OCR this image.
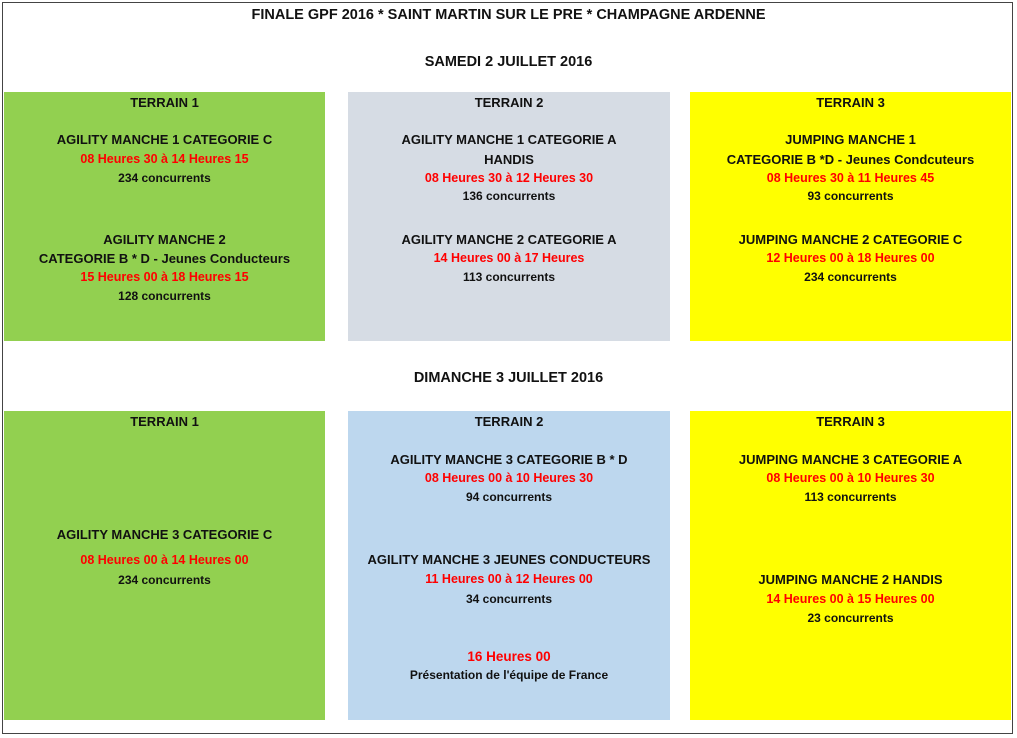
FINALE GPF 2016 * SAINT MARTIN SUR LE PRE * CHAMPAGNE ARDENNE
SAMEDI 2 JUILLET 2016
TERRAIN 1
AGILITY MANCHE 1 CATEGORIE C
08 Heures 30 à 14 Heures 15
234 concurrents
AGILITY MANCHE 2
CATEGORIE B * D - Jeunes Conducteurs
15 Heures 00 à 18 Heures 15
128 concurrents
TERRAIN 2
AGILITY MANCHE 1 CATEGORIE A
HANDIS
08 Heures 30 à 12 Heures 30
136 concurrents
AGILITY MANCHE 2 CATEGORIE A
14 Heures 00 à 17 Heures
113 concurrents
TERRAIN 3
JUMPING MANCHE 1
CATEGORIE B *D - Jeunes Condcuteurs
08 Heures 30 à 11 Heures 45
93 concurrents
JUMPING MANCHE 2 CATEGORIE C
12 Heures 00 à 18 Heures 00
234 concurrents
DIMANCHE 3 JUILLET 2016
TERRAIN 1
AGILITY MANCHE 3 CATEGORIE C
08 Heures 00 à 14 Heures 00
234 concurrents
TERRAIN 2
AGILITY MANCHE 3 CATEGORIE B * D
08 Heures 00 à 10 Heures 30
94 concurrents
AGILITY MANCHE 3 JEUNES CONDUCTEURS
11 Heures 00 à 12 Heures 00
34 concurrents
16 Heures 00
Présentation de l'équipe de France
TERRAIN 3
JUMPING MANCHE 3 CATEGORIE A
08 Heures 00 à 10 Heures 30
113 concurrents
JUMPING MANCHE 2 HANDIS
14 Heures 00 à 15 Heures 00
23 concurrents
